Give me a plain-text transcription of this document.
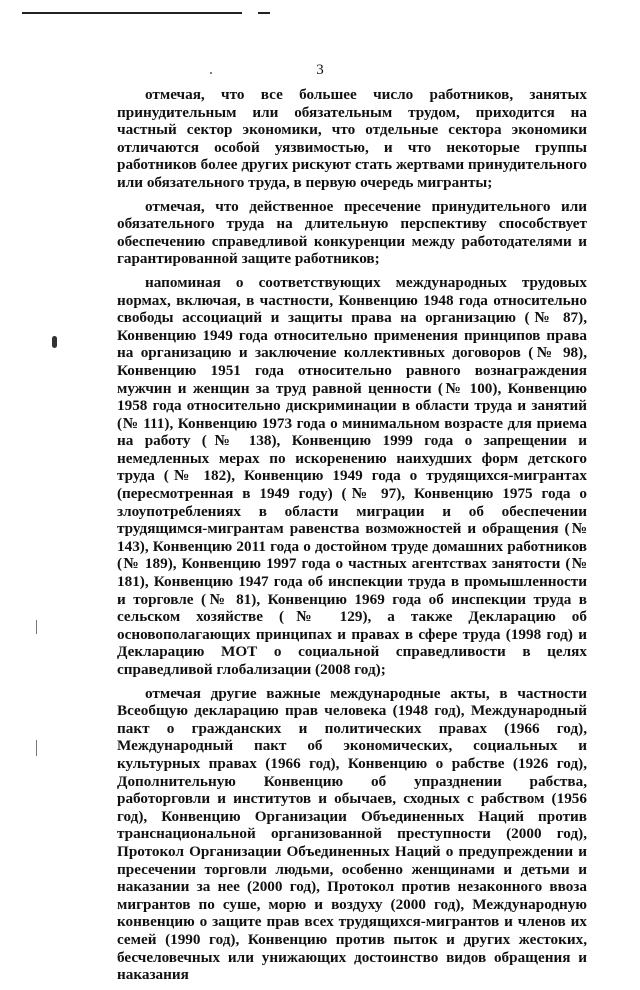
3

отмечая, что все большее число работников, занятых принудительным или обязательным трудом, приходится на частный сектор экономики, что отдельные сектора экономики отличаются особой уязвимостью, и что некоторые группы работников более других рискуют стать жертвами принудительного или обязательного труда, в первую очередь мигранты;

отмечая, что действенное пресечение принудительного или обязательного труда на длительную перспективу способствует обеспечению справедливой конкуренции между работодателями и гарантированной защите работников;

напоминая о соответствующих международных трудовых нормах, включая, в частности, Конвенцию 1948 года относительно свободы ассоциаций и защиты права на организацию (№ 87), Конвенцию 1949 года относительно применения принципов права на организацию и заключение коллективных договоров (№ 98), Конвенцию 1951 года относительно равного вознаграждения мужчин и женщин за труд равной ценности (№ 100), Конвенцию 1958 года относительно дискриминации в области труда и занятий (№ 111), Конвенцию 1973 года о минимальном возрасте для приема на работу (№ 138), Конвенцию 1999 года о запрещении и немедленных мерах по искоренению наихудших форм детского труда (№ 182), Конвенцию 1949 года о трудящихся-мигрантах (пересмотренная в 1949 году) (№ 97), Конвенцию 1975 года о злоупотреблениях в области миграции и об обеспечении трудящимся-мигрантам равенства возможностей и обращения (№ 143), Конвенцию 2011 года о достойном труде домашних работников (№ 189), Конвенцию 1997 года о частных агентствах занятости (№ 181), Конвенцию 1947 года об инспекции труда в промышленности и торговле (№ 81), Конвенцию 1969 года об инспекции труда в сельском хозяйстве (№ 129), а также Декларацию об основополагающих принципах и правах в сфере труда (1998 год) и Декларацию МОТ о социальной справедливости в целях справедливой глобализации (2008 год);

отмечая другие важные международные акты, в частности Всеобщую декларацию прав человека (1948 год), Международный пакт о гражданских и политических правах (1966 год), Международный пакт об экономических, социальных и культурных правах (1966 год), Конвенцию о рабстве (1926 год), Дополнительную Конвенцию об упразднении рабства, работорговли и институтов и обычаев, сходных с рабством (1956 год), Конвенцию Организации Объединенных Наций против транснациональной организованной преступности (2000 год), Протокол Организации Объединенных Наций о предупреждении и пресечении торговли людьми, особенно женщинами и детьми и наказании за нее (2000 год), Протокол против незаконного ввоза мигрантов по суше, морю и воздуху (2000 год), Международную конвенцию о защите прав всех трудящихся-мигрантов и членов их семей (1990 год), Конвенцию против пыток и других жестоких, бесчеловечных или унижающих достоинство видов обращения и наказания
